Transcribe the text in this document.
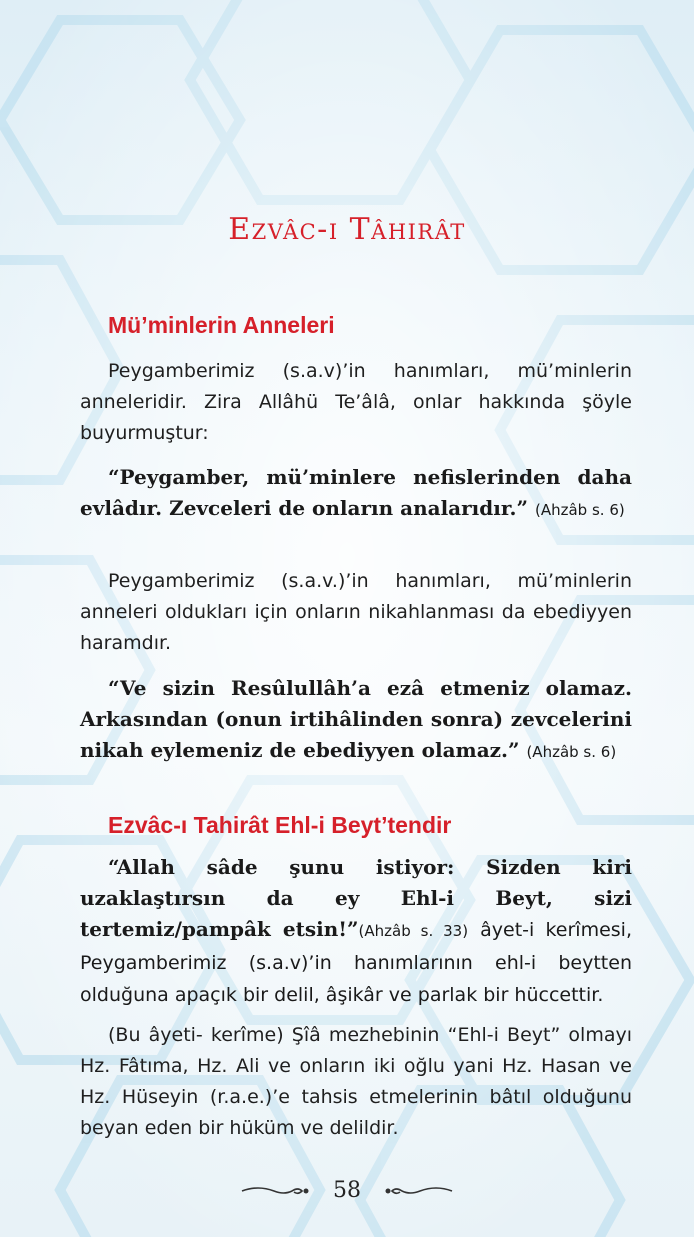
Ezvâc-ı Tâhirât
Mü’minlerin Anneleri
Peygamberimiz (s.a.v)’in hanımları, mü’minlerin anneleridir. Zira Allâhü Te’âlâ, onlar hakkında şöyle buyurmuştur:
“Peygamber, mü’minlere nefislerinden daha evlâdır. Zevceleri de onların analarıdır.” (Ahzâb s. 6)
Peygamberimiz (s.a.v.)’in hanımları, mü’minlerin anneleri oldukları için onların nikahlanması da ebediyyen haramdır.
“Ve sizin Resûlullâh’a ezâ etmeniz olamaz. Arkasından (onun irtihâlinden sonra) zevcelerini nikah eylemeniz de ebediyyen olamaz.” (Ahzâb s. 6)
Ezvâc-ı Tahirât Ehl-i Beyt’tendir
“Allah sâde şunu istiyor: Sizden kiri uzaklaştırsın da ey Ehl-i Beyt, sizi tertemiz/pampâk etsin!”(Ahzâb s. 33) âyet-i kerîmesi, Peygamberimiz (s.a.v)’in hanımlarının ehl-i beytten olduğuna apaçık bir delil, âşikâr ve parlak bir hüccettir.
(Bu âyeti- kerîme) Şîâ mezhebinin “Ehl-i Beyt” olmayı Hz. Fâtıma, Hz. Ali ve onların iki oğlu yani Hz. Hasan ve Hz. Hüseyin (r.a.e.)’e tahsis etmelerinin bâtıl olduğunu beyan eden bir hüküm ve delildir.
58
